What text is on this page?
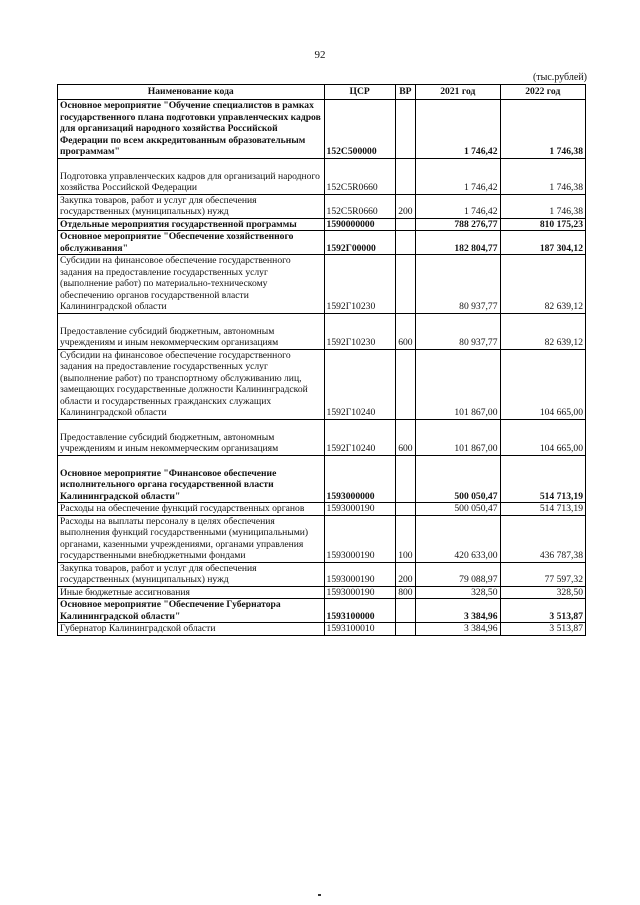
92
(тыс.рублей)
Наименование кода	ЦСР	ВР	2021 год	2022 год

Основное мероприятие "Обучение специалистов в рамках государственного плана подготовки управленческих кадров для организаций народного хозяйства Российской Федерации по всем аккредитованным образовательным программам"	152С500000		1 746,42	1 746,38

Подготовка управленческих кадров для организаций народного хозяйства Российской Федерации	152С5R0660		1 746,42	1 746,38

Закупка товаров, работ и услуг для обеспечения государственных (муниципальных) нужд	152С5R0660	200	1 746,42	1 746,38

Отдельные мероприятия государственной программы	1590000000		788 276,77	810 175,23

Основное мероприятие "Обеспечение хозяйственного обслуживания"	1592Г00000		182 804,77	187 304,12

Субсидии на финансовое обеспечение государственного задания на предоставление государственных услуг (выполнение работ) по материально-техническому обеспечению органов государственной власти Калининградской области	1592Г10230		80 937,77	82 639,12

Предоставление субсидий бюджетным, автономным учреждениям и иным некоммерческим организациям	1592Г10230	600	80 937,77	82 639,12

Субсидии на финансовое обеспечение государственного задания на предоставление государственных услуг (выполнение работ) по транспортному обслуживанию лиц, замещающих государственные должности Калининградской области и государственных гражданских служащих Калининградской области	1592Г10240		101 867,00	104 665,00

Предоставление субсидий бюджетным, автономным учреждениям и иным некоммерческим организациям	1592Г10240	600	101 867,00	104 665,00

Основное мероприятие "Финансовое обеспечение исполнительного органа государственной власти Калининградской области"	1593000000		500 050,47	514 713,19

Расходы на обеспечение функций государственных органов	1593000190		500 050,47	514 713,19

Расходы на выплаты персоналу в целях обеспечения выполнения функций государственными (муниципальными) органами, казенными учреждениями, органами управления государственными внебюджетными фондами	1593000190	100	420 633,00	436 787,38

Закупка товаров, работ и услуг для обеспечения государственных (муниципальных) нужд	1593000190	200	79 088,97	77 597,32

Иные бюджетные ассигнования	1593000190	800	328,50	328,50

Основное мероприятие "Обеспечение Губернатора Калининградской области"	1593100000		3 384,96	3 513,87

Губернатор Калининградской области	1593100010		3 384,96	3 513,87
